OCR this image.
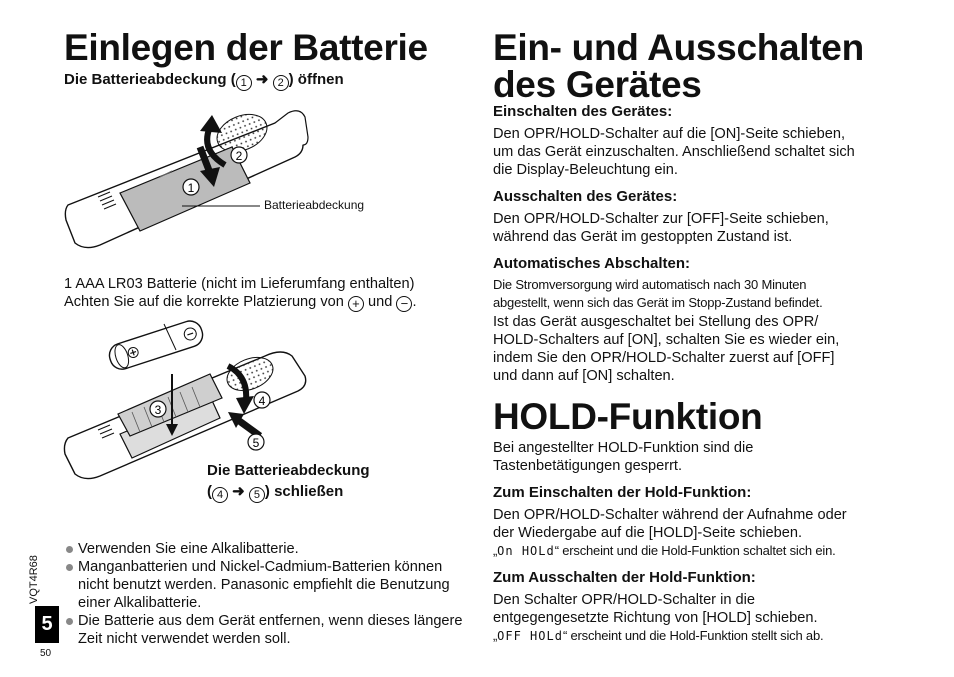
Einlegen der Batterie
Die Batterieabdeckung ( 1 ➜ 2 ) öffnen
2
1
Batterieabdeckung
1 AAA LR03 Batterie (nicht im Lieferumfang enthalten)
Achten Sie auf die korrekte Platzierung von + und − .
3
4
5
Die Batterieabdeckung
( 4 ➜ 5 ) schließen
Verwenden Sie eine Alkalibatterie.
Manganbatterien und Nickel-Cadmium-Batterien können nicht benutzt werden. Panasonic empfiehlt die Benutzung einer Alkalibatterie.
Die Batterie aus dem Gerät entfernen, wenn dieses längere Zeit nicht verwendet werden soll.
VQT4R68
5
50
Ein- und Ausschalten
des Gerätes
Einschalten des Gerätes:
Den OPR/HOLD-Schalter auf die [ON]-Seite schieben,
um das Gerät einzuschalten. Anschließend schaltet sich
die Display-Beleuchtung ein.
Ausschalten des Gerätes:
Den OPR/HOLD-Schalter zur [OFF]-Seite schieben,
während das Gerät im gestoppten Zustand ist.
Automatisches Abschalten:
Die Stromversorgung wird automatisch nach 30 Minuten
abgestellt, wenn sich das Gerät im Stopp-Zustand befindet.
Ist das Gerät ausgeschaltet bei Stellung des OPR/
HOLD-Schalters auf [ON], schalten Sie es wieder ein,
indem Sie den OPR/HOLD-Schalter zuerst auf [OFF]
und dann auf [ON] schalten.
HOLD-Funktion
Bei angestellter HOLD-Funktion sind die
Tastenbetätigungen gesperrt.
Zum Einschalten der Hold-Funktion:
Den OPR/HOLD-Schalter während der Aufnahme oder
der Wiedergabe auf die [HOLD]-Seite schieben.
„On HOLd“ erscheint und die Hold-Funktion schaltet sich ein.
Zum Ausschalten der Hold-Funktion:
Den Schalter OPR/HOLD-Schalter in die
entgegengesetzte Richtung von [HOLD] schieben.
„OFF HOLd“ erscheint und die Hold-Funktion stellt sich ab.
